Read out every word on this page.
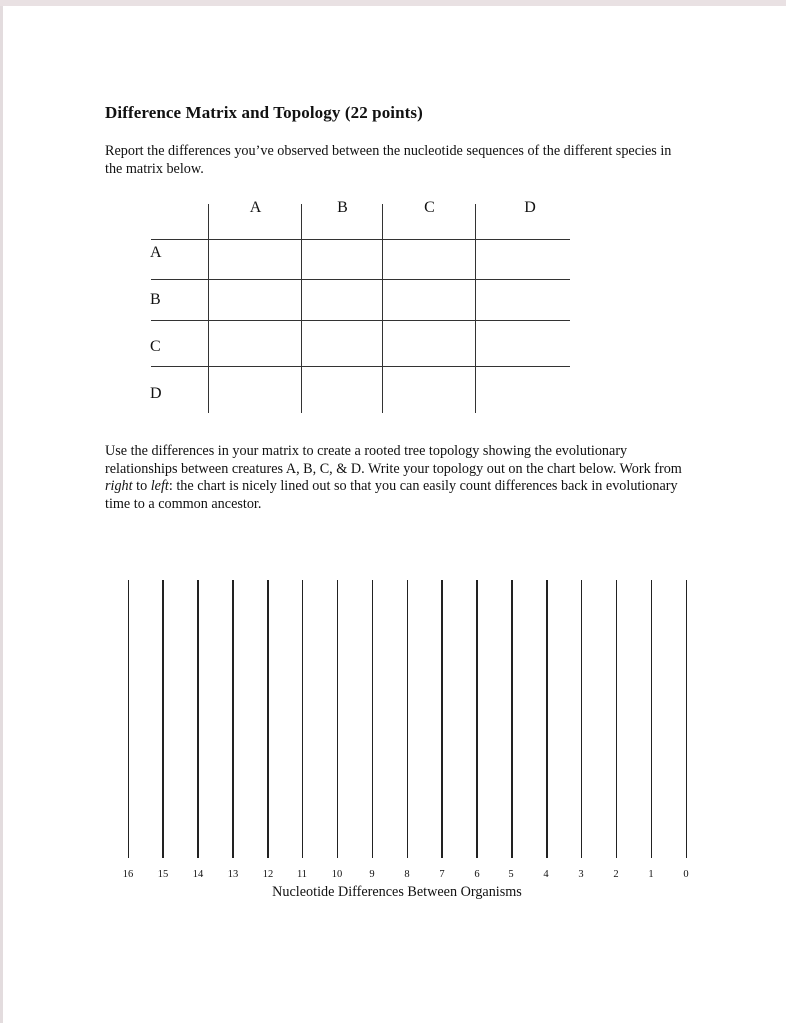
Difference Matrix and Topology (22 points)
Report the differences you’ve observed between the nucleotide sequences of the different species in the matrix below.
A	B	C	D
A
B
C
D
Use the differences in your matrix to create a rooted tree topology showing the evolutionary relationships between creatures A, B, C, & D. Write your topology out on the chart below. Work from right to left: the chart is nicely lined out so that you can easily count differences back in evolutionary time to a common ancestor.
16	15	14	13	12	11	10	9	8	7	6	5	4	3	2	1	0
Nucleotide Differences Between Organisms
